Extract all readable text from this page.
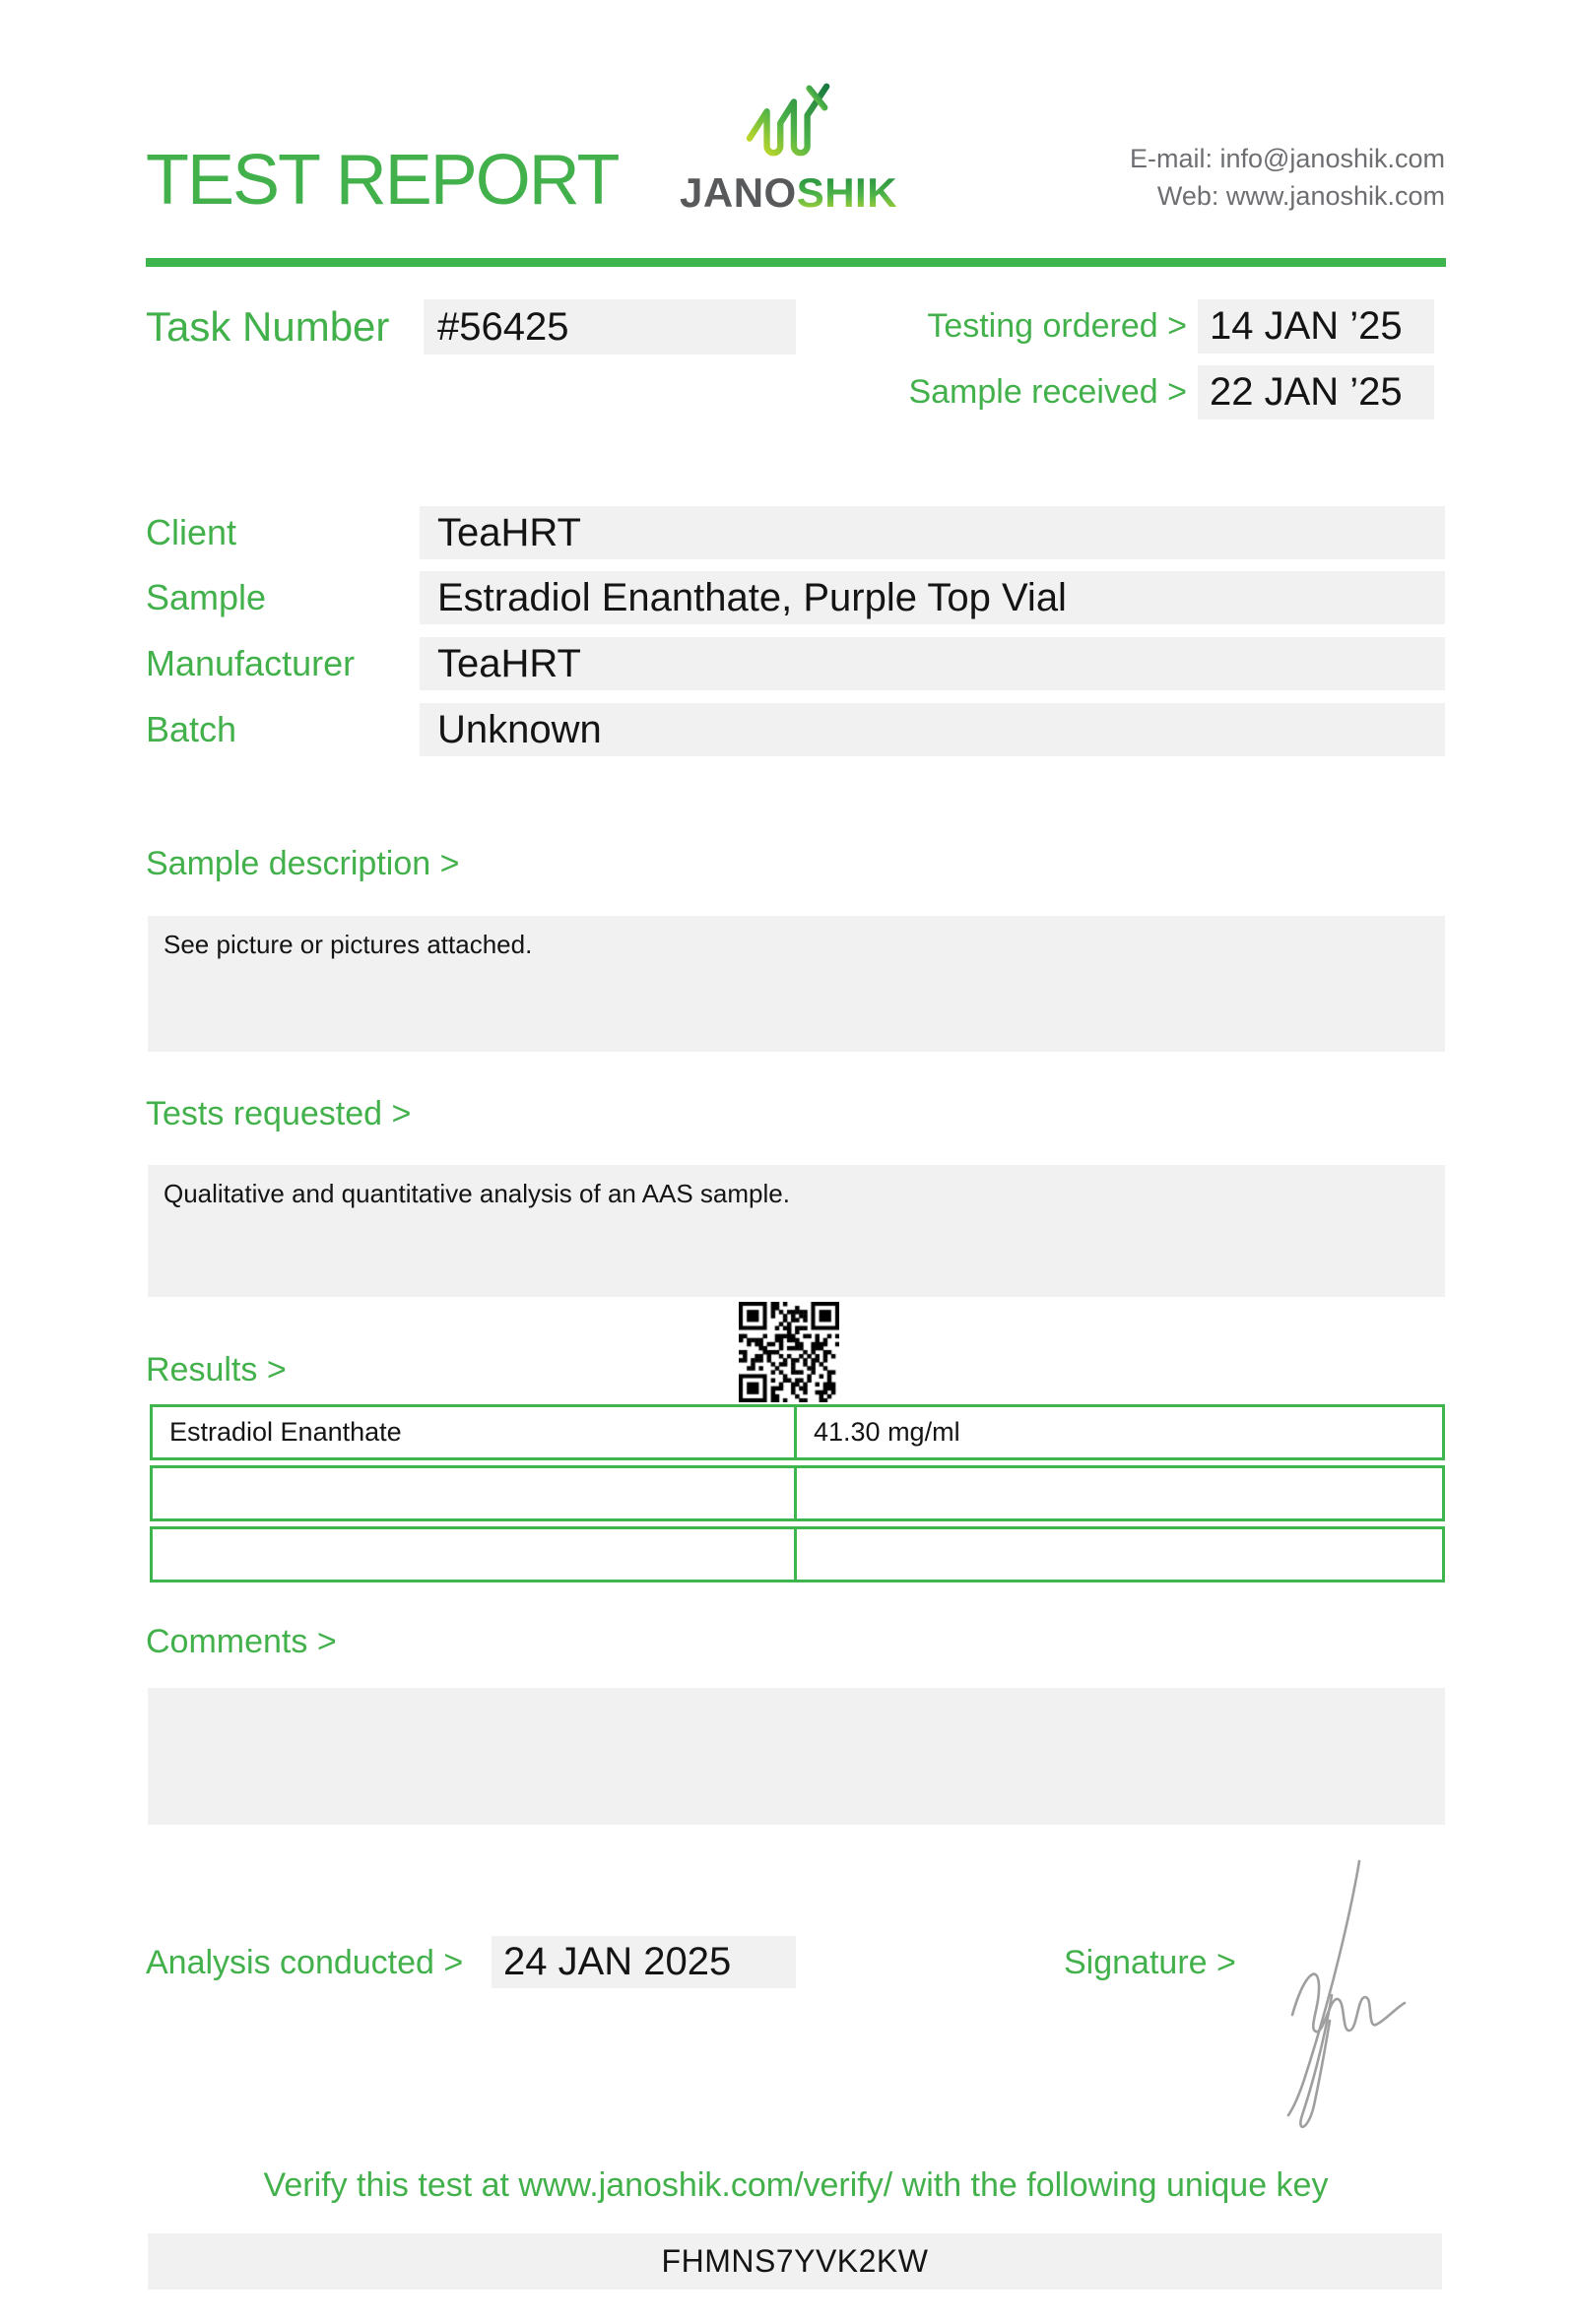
TEST REPORT JANOSHIK
E-mail: info@janoshik.com
Web: www.janoshik.com
Task Number	#56425	Testing ordered > 14 JAN ’25
Sample received > 22 JAN ’25
Client	TeaHRT
Sample	Estradiol Enanthate, Purple Top Vial
Manufacturer	TeaHRT
Batch	Unknown
Sample description >
See picture or pictures attached.
Tests requested >
Qualitative and quantitative analysis of an AAS sample.
Results >
Estradiol Enanthate	41.30 mg/ml
Comments >
Analysis conducted >	24 JAN 2025	Signature >
Verify this test at www.janoshik.com/verify/ with the following unique key
FHMNS7YVK2KW
